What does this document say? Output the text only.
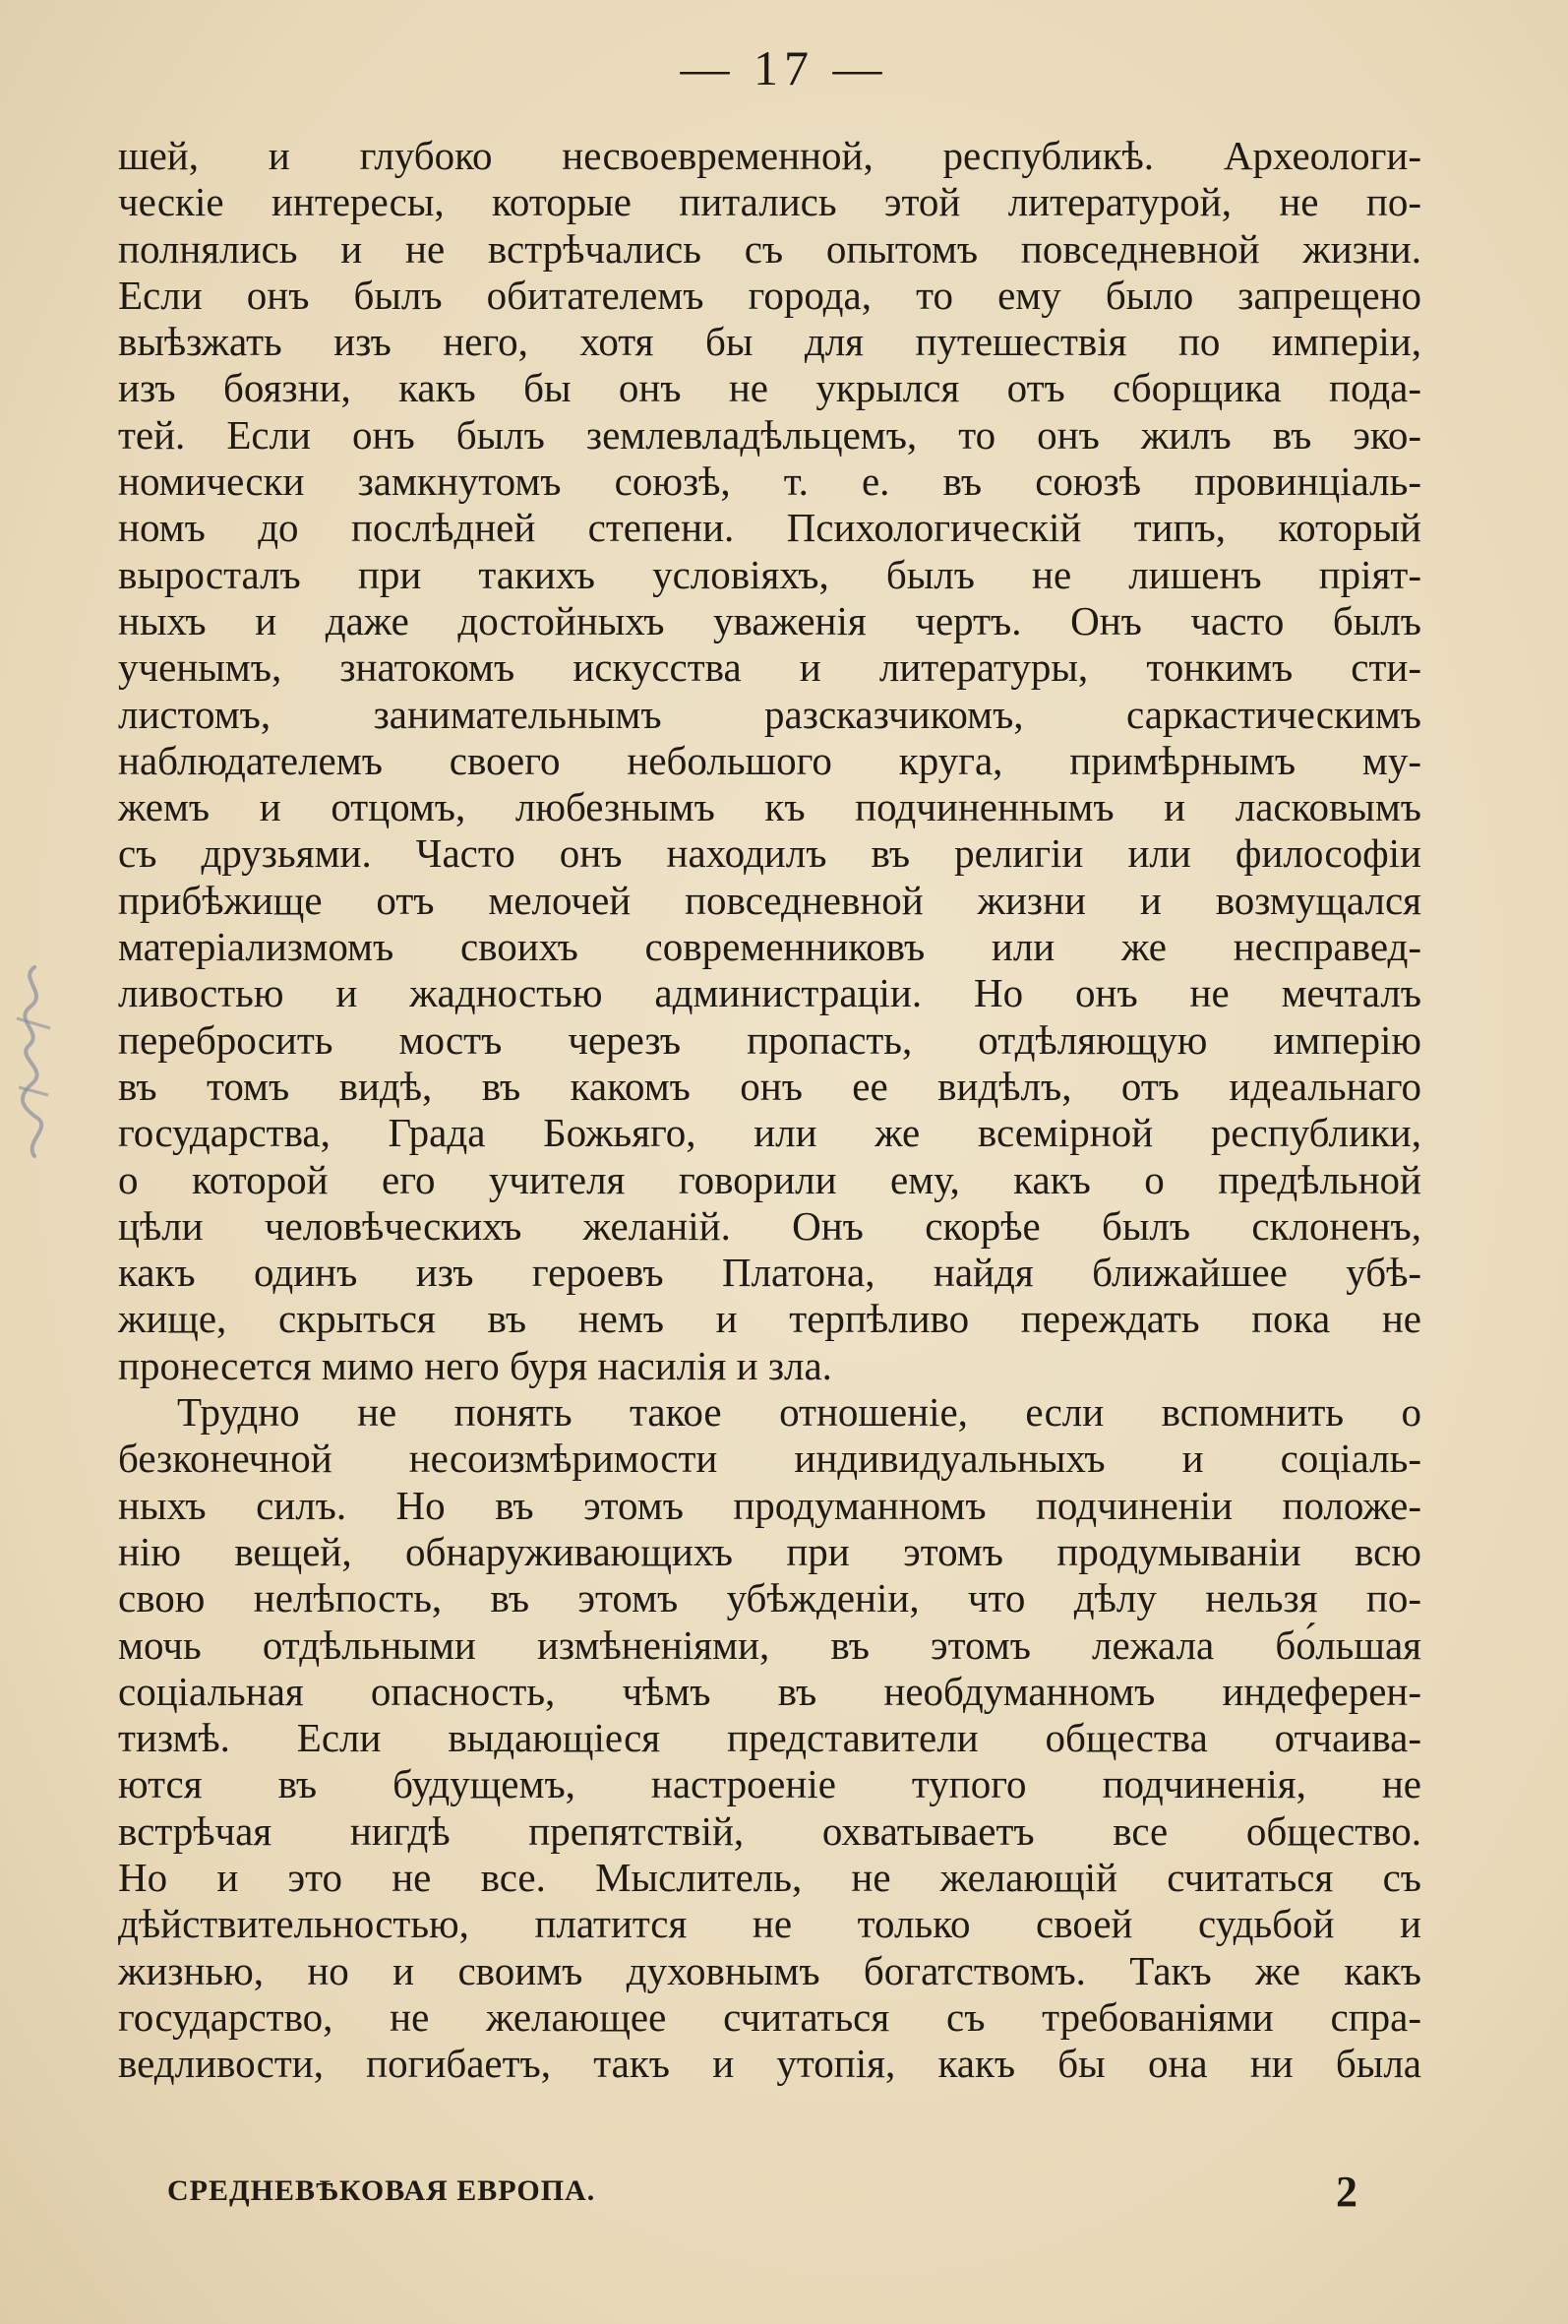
— 17 —
шей, и глубоко несвоевременной, республикѣ. Археологи-
ческіе интересы, которые питались этой литературой, не по-
полнялись и не встрѣчались съ опытомъ повседневной жизни.
Если онъ былъ обитателемъ города, то ему было запрещено
выѣзжать изъ него, хотя бы для путешествія по имперіи,
изъ боязни, какъ бы онъ не укрылся отъ сборщика пода-
тей. Если онъ былъ землевладѣльцемъ, то онъ жилъ въ эко-
номически замкнутомъ союзѣ, т. е. въ союзѣ провинціаль-
номъ до послѣдней степени. Психологическій типъ, который
выросталъ при такихъ условіяхъ, былъ не лишенъ пріят-
ныхъ и даже достойныхъ уваженія чертъ. Онъ часто былъ
ученымъ, знатокомъ искусства и литературы, тонкимъ сти-
листомъ, занимательнымъ разсказчикомъ, саркастическимъ
наблюдателемъ своего небольшого круга, примѣрнымъ му-
жемъ и отцомъ, любезнымъ къ подчиненнымъ и ласковымъ
съ друзьями. Часто онъ находилъ въ религіи или философіи
прибѣжище отъ мелочей повседневной жизни и возмущался
матеріализмомъ своихъ современниковъ или же несправед-
ливостью и жадностью администраціи. Но онъ не мечталъ
перебросить мостъ черезъ пропасть, отдѣляющую имперію
въ томъ видѣ, въ какомъ онъ ее видѣлъ, отъ идеальнаго
государства, Града Божьяго, или же всемірной республики,
о которой его учителя говорили ему, какъ о предѣльной
цѣли человѣческихъ желаній. Онъ скорѣе былъ склоненъ,
какъ одинъ изъ героевъ Платона, найдя ближайшее убѣ-
жище, скрыться въ немъ и терпѣливо переждать пока не
пронесется мимо него буря насилія и зла.
Трудно не понять такое отношеніе, если вспомнить о
безконечной несоизмѣримости индивидуальныхъ и соціаль-
ныхъ силъ. Но въ этомъ продуманномъ подчиненіи положе-
нію вещей, обнаруживающихъ при этомъ продумываніи всю
свою нелѣпость, въ этомъ убѣжденіи, что дѣлу нельзя по-
мочь отдѣльными измѣненіями, въ этомъ лежала бо́льшая
соціальная опасность, чѣмъ въ необдуманномъ индеферен-
тизмѣ. Если выдающіеся представители общества отчаива-
ются въ будущемъ, настроеніе тупого подчиненія, не
встрѣчая нигдѣ препятствій, охватываетъ все общество.
Но и это не все. Мыслитель, не желающій считаться съ
дѣйствительностью, платится не только своей судьбой и
жизнью, но и своимъ духовнымъ богатствомъ. Такъ же какъ
государство, не желающее считаться съ требованіями спра-
ведливости, погибаетъ, такъ и утопія, какъ бы она ни была
СРЕДНЕВѢКОВАЯ ЕВРОПА.	2
